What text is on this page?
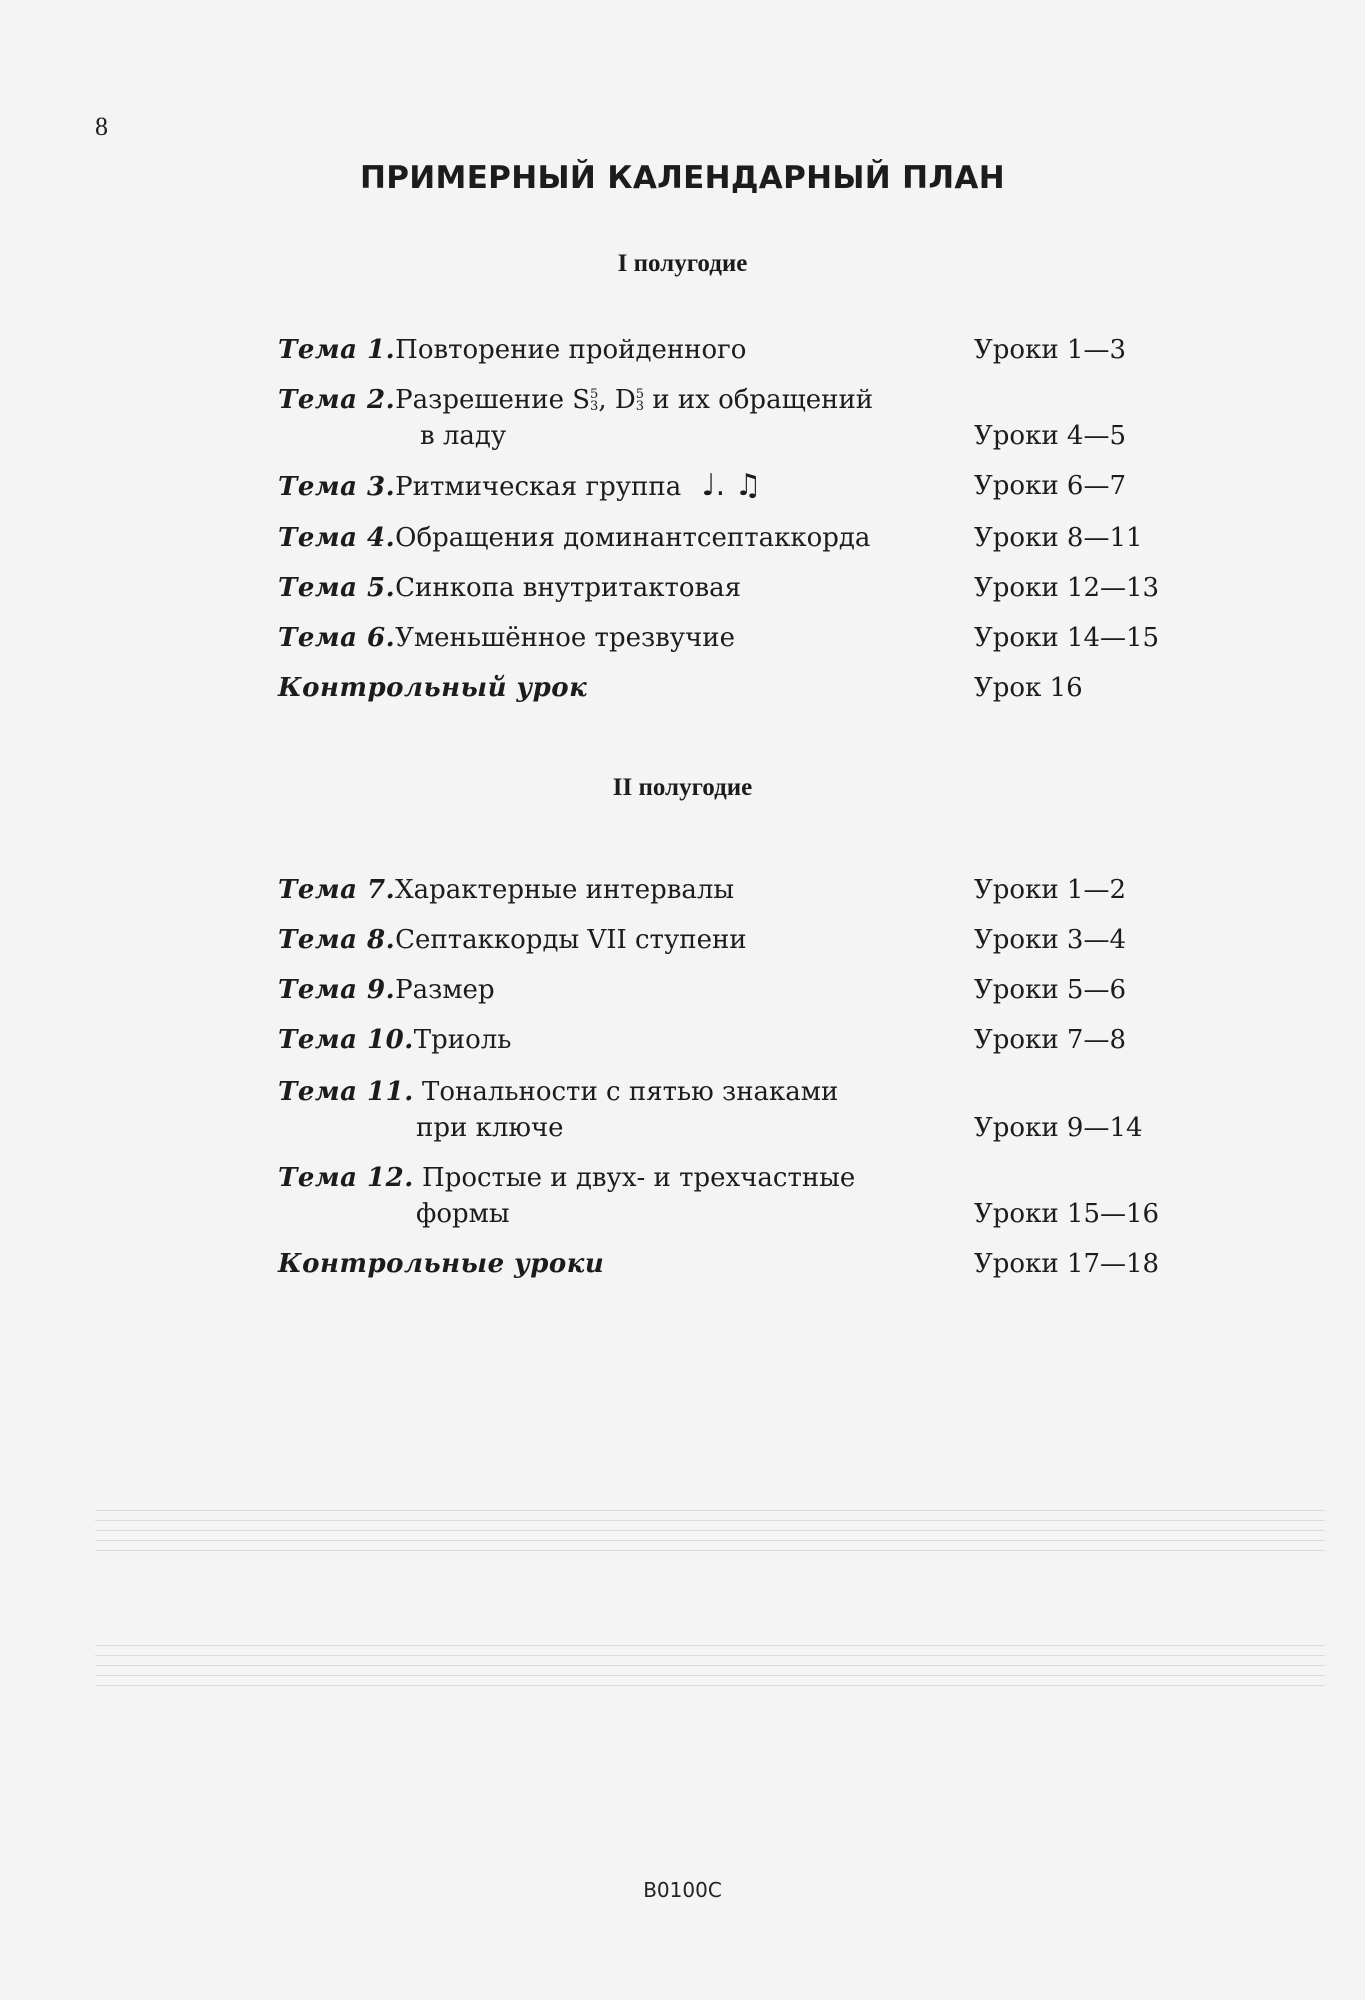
8
ПРИМЕРНЫЙ КАЛЕНДАРНЫЙ ПЛАН
I полугодие
Тема 1.Повторение пройденного	Уроки 1—3
Тема 2.Разрешение S5
3, D5
3 и их обращений
в ладу	Уроки 4—5
Тема 3.Ритмическая группа ♩. ♫	Уроки 6—7
Тема 4.Обращения доминантсептаккорда	Уроки 8—11
Тема 5.Синкопа внутритактовая	Уроки 12—13
Тема 6.Уменьшённое трезвучие	Уроки 14—15
Контрольный урок	Урок 16
II полугодие
Тема 7.Характерные интервалы	Уроки 1—2
Тема 8.Септаккорды VII ступени	Уроки 3—4
Тема 9.Размер	Уроки 5—6
Тема 10.Триоль	Уроки 7—8
Тема 11. Тональности с пятью знаками
при ключе	Уроки 9—14
Тема 12. Простые и двух- и трехчастные
формы	Уроки 15—16
Контрольные уроки	Уроки 17—18
B0100C
